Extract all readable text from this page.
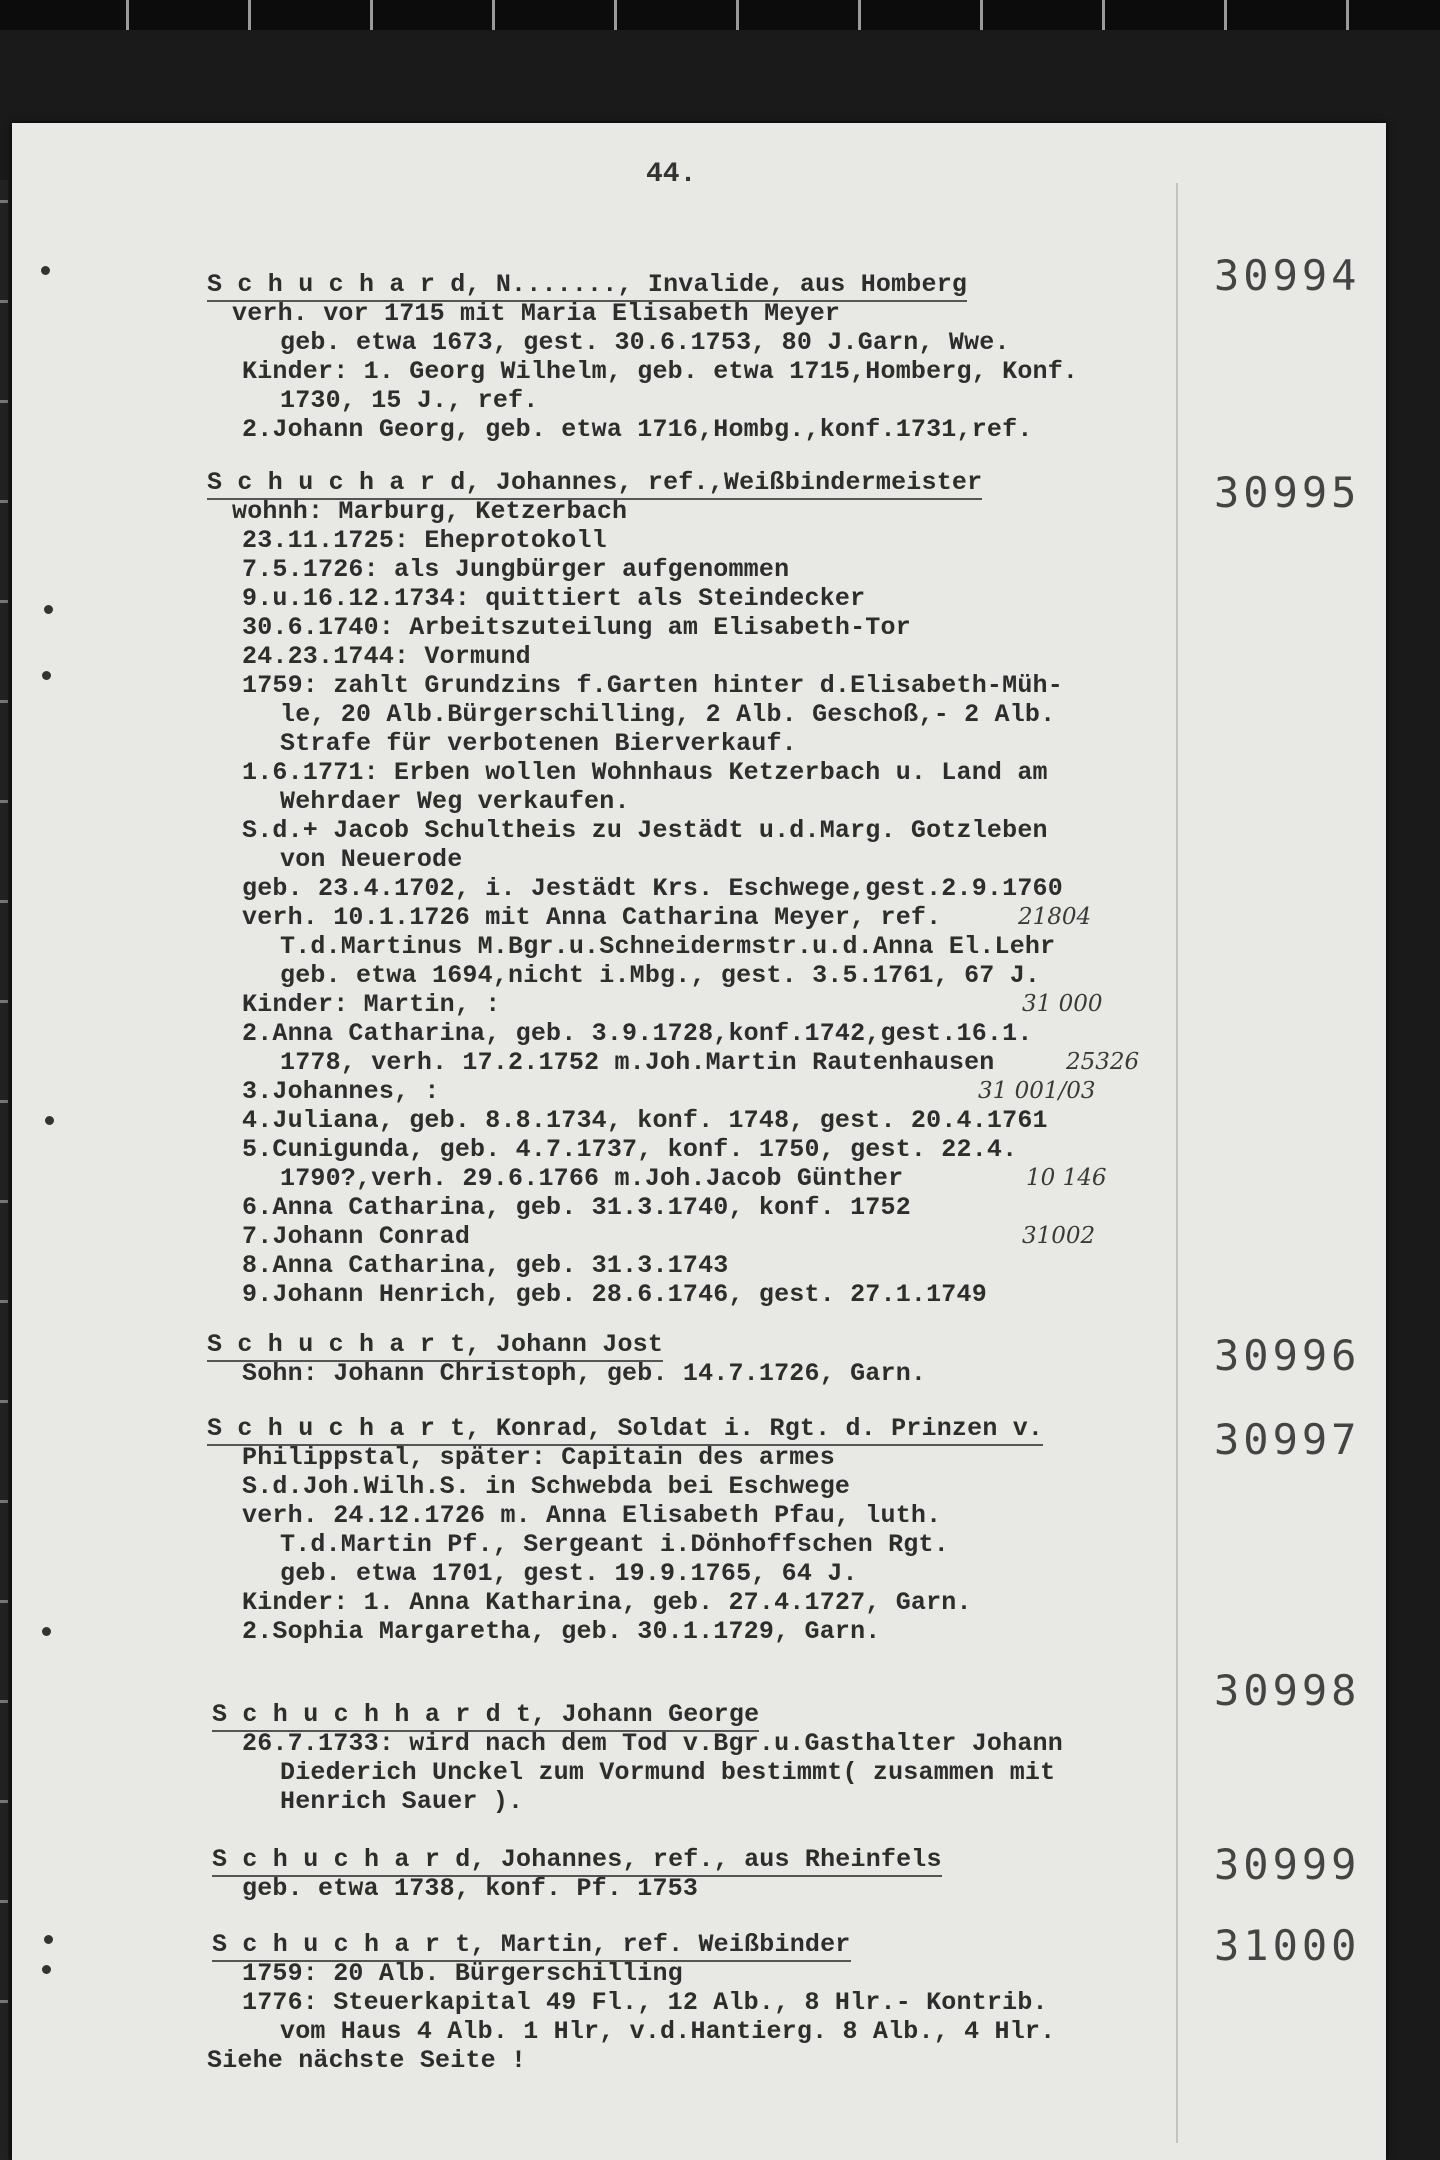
44.
30994
S c h u c h a r d, N......., Invalide, aus Homberg
verh. vor 1715 mit Maria Elisabeth Meyer
geb. etwa 1673, gest. 30.6.1753, 80 J.Garn, Wwe.
Kinder: 1. Georg Wilhelm, geb. etwa 1715,Homberg, Konf.
1730, 15 J., ref.
2.Johann Georg, geb. etwa 1716,Hombg.,konf.1731,ref.
30995
S c h u c h a r d, Johannes, ref.,Weißbindermeister
wohnh: Marburg, Ketzerbach
23.11.1725: Eheprotokoll
7.5.1726: als Jungbürger aufgenommen
9.u.16.12.1734: quittiert als Steindecker
30.6.1740: Arbeitszuteilung am Elisabeth-Tor
24.23.1744: Vormund
1759: zahlt Grundzins f.Garten hinter d.Elisabeth-Müh-
le, 20 Alb.Bürgerschilling, 2 Alb. Geschoß,- 2 Alb.
Strafe für verbotenen Bierverkauf.
1.6.1771: Erben wollen Wohnhaus Ketzerbach u. Land am
Wehrdaer Weg verkaufen.
S.d.+ Jacob Schultheis zu Jestädt u.d.Marg. Gotzleben
von Neuerode
geb. 23.4.1702, i. Jestädt Krs. Eschwege,gest.2.9.1760
verh. 10.1.1726 mit Anna Catharina Meyer, ref.	21804
T.d.Martinus M.Bgr.u.Schneidermstr.u.d.Anna El.Lehr
geb. etwa 1694,nicht i.Mbg., gest. 3.5.1761, 67 J.
Kinder: Martin, :	31 000
2.Anna Catharina, geb. 3.9.1728,konf.1742,gest.16.1.
1778, verh. 17.2.1752 m.Joh.Martin Rautenhausen	25326
3.Johannes, :	31 001/03
4.Juliana, geb. 8.8.1734, konf. 1748, gest. 20.4.1761
5.Cunigunda, geb. 4.7.1737, konf. 1750, gest. 22.4.
1790?,verh. 29.6.1766 m.Joh.Jacob Günther	10 146
6.Anna Catharina, geb. 31.3.1740, konf. 1752
7.Johann Conrad	31002
8.Anna Catharina, geb. 31.3.1743
9.Johann Henrich, geb. 28.6.1746, gest. 27.1.1749
30996
S c h u c h a r t, Johann Jost
Sohn: Johann Christoph, geb. 14.7.1726, Garn.
30997
S c h u c h a r t, Konrad, Soldat i. Rgt. d. Prinzen v.
Philippstal, später: Capitain des armes
S.d.Joh.Wilh.S. in Schwebda bei Eschwege
verh. 24.12.1726 m. Anna Elisabeth Pfau, luth.
T.d.Martin Pf., Sergeant i.Dönhoffschen Rgt.
geb. etwa 1701, gest. 19.9.1765, 64 J.
Kinder: 1. Anna Katharina, geb. 27.4.1727, Garn.
2.Sophia Margaretha, geb. 30.1.1729, Garn.
30998
S c h u c h h a r d t, Johann George
26.7.1733: wird nach dem Tod v.Bgr.u.Gasthalter Johann
Diederich Unckel zum Vormund bestimmt( zusammen mit
Henrich Sauer ).
30999
S c h u c h a r d, Johannes, ref., aus Rheinfels
geb. etwa 1738, konf. Pf. 1753
31000
S c h u c h a r t, Martin, ref. Weißbinder
1759: 20 Alb. Bürgerschilling
1776: Steuerkapital 49 Fl., 12 Alb., 8 Hlr.- Kontrib.
vom Haus 4 Alb. 1 Hlr, v.d.Hantierg. 8 Alb., 4 Hlr.
Siehe nächste Seite !
